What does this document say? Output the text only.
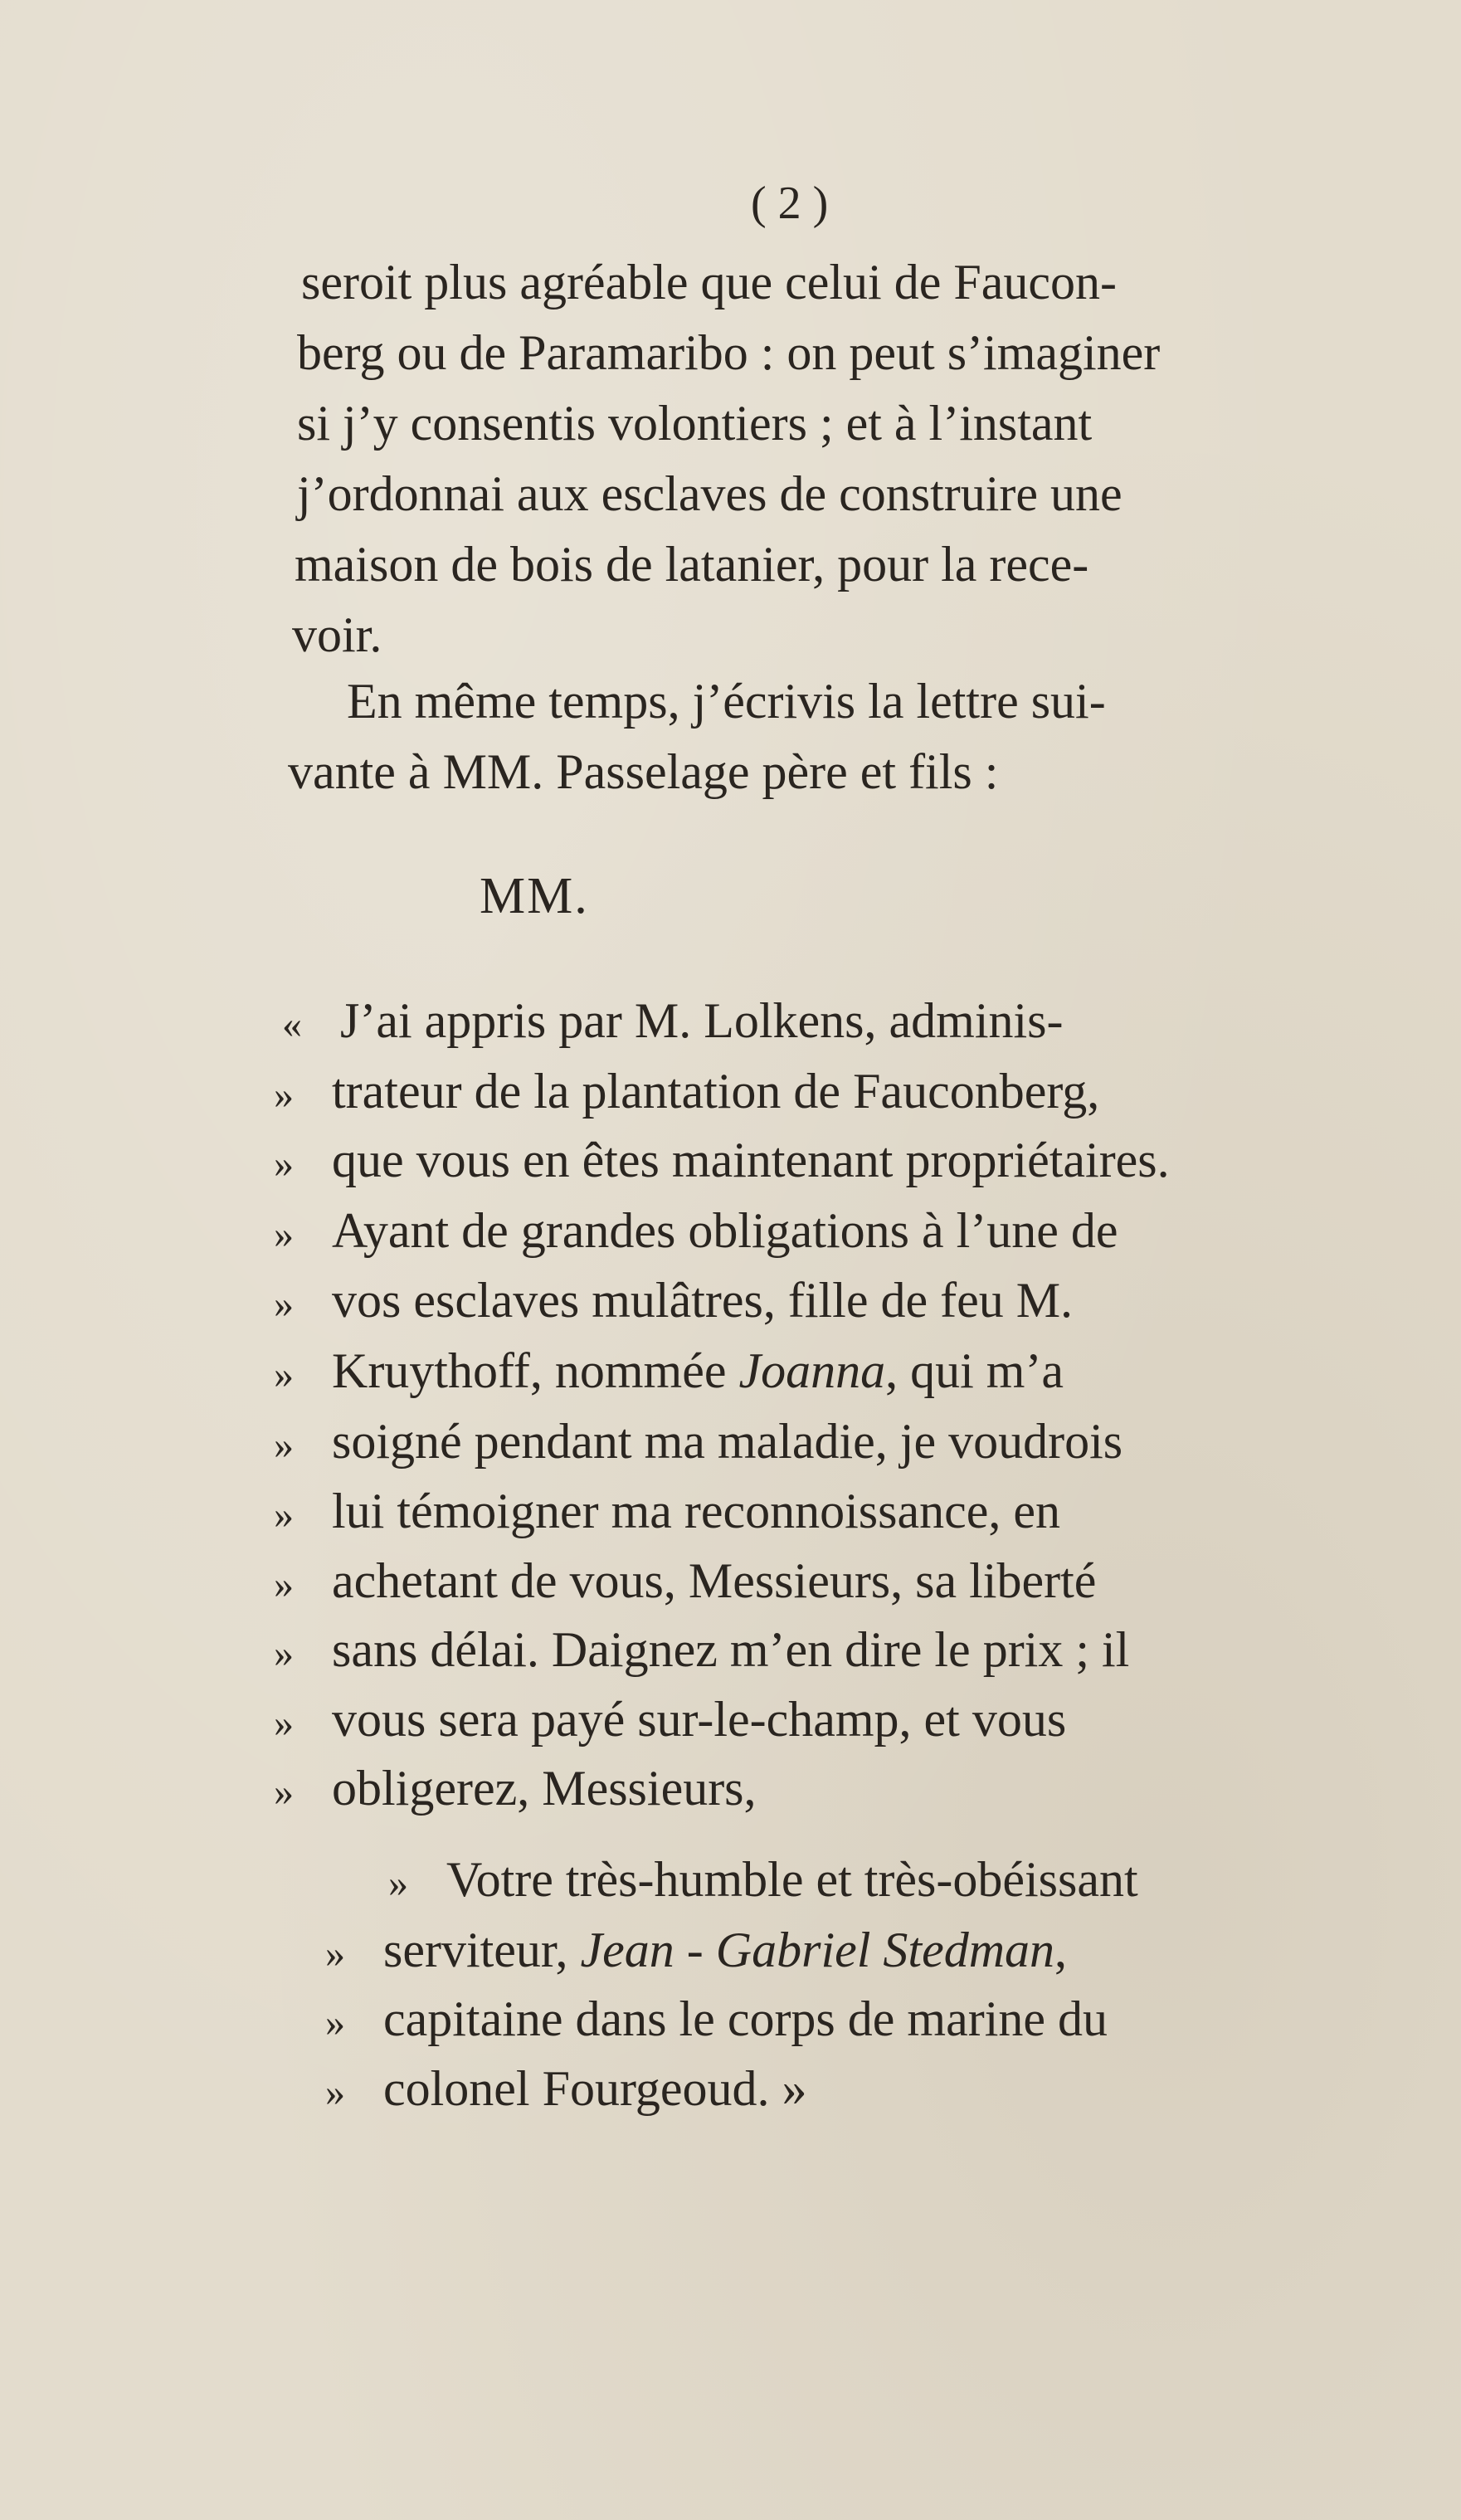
( 2 )
seroit plus agréable que celui de Faucon-
berg ou de Paramaribo : on peut s’imaginer
si j’y consentis volontiers ; et à l’instant
j’ordonnai aux esclaves de construire une
maison de bois de latanier, pour la rece-
voir.
En même temps, j’écrivis la lettre sui-
vante à MM. Passelage père et fils :
MM.
« J’ai appris par M. Lolkens, adminis-
» trateur de la plantation de Fauconberg,
» que vous en êtes maintenant propriétaires.
» Ayant de grandes obligations à l’une de
» vos esclaves mulâtres, fille de feu M.
» Kruythoff, nommée Joanna, qui m’a
» soigné pendant ma maladie, je voudrois
» lui témoigner ma reconnoissance, en
» achetant de vous, Messieurs, sa liberté
» sans délai. Daignez m’en dire le prix ; il
» vous sera payé sur-le-champ, et vous
» obligerez, Messieurs,
» Votre très-humble et très-obéissant
» serviteur, Jean - Gabriel Stedman,
» capitaine dans le corps de marine du
» colonel Fourgeoud. »
